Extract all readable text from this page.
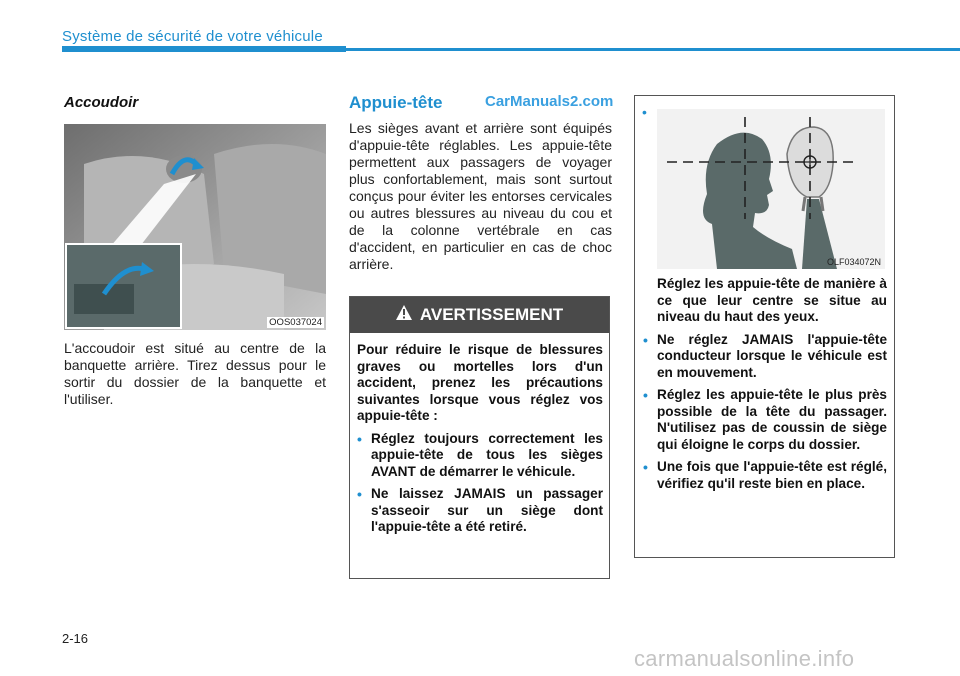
Système de sécurité de votre véhicule
Accoudoir
OOS037024
L'accoudoir est situé au centre de la banquette arrière. Tirez dessus pour le sortir du dossier de la banquette et l'utiliser.
Appuie-tête	CarManuals2.com
Les sièges avant et arrière sont équipés d'appuie-tête réglables. Les appuie-tête permettent aux passagers de voyager plus confortablement, mais sont surtout conçus pour éviter les entorses cervicales ou autres blessures au niveau du cou et de la colonne vertébrale en cas d'accident, en particulier en cas de choc arrière.
AVERTISSEMENT
Pour réduire le risque de blessures graves ou mortelles lors d'un accident, prenez les précautions suivantes lorsque vous réglez vos appuie-tête :
• Réglez toujours correctement les appuie-tête de tous les sièges AVANT de démarrer le véhicule.
• Ne laissez JAMAIS un passager s'asseoir sur un siège dont l'appuie-tête a été retiré.
•
OLF034072N
Réglez les appuie-tête de manière à ce que leur centre se situe au niveau du haut des yeux.
• Ne réglez JAMAIS l'appuie-tête conducteur lorsque le véhicule est en mouvement.
• Réglez les appuie-tête le plus près possible de la tête du passager. N'utilisez pas de coussin de siège qui éloigne le corps du dossier.
• Une fois que l'appuie-tête est réglé, vérifiez qu'il reste bien en place.
2-16
carmanualsonline.info
